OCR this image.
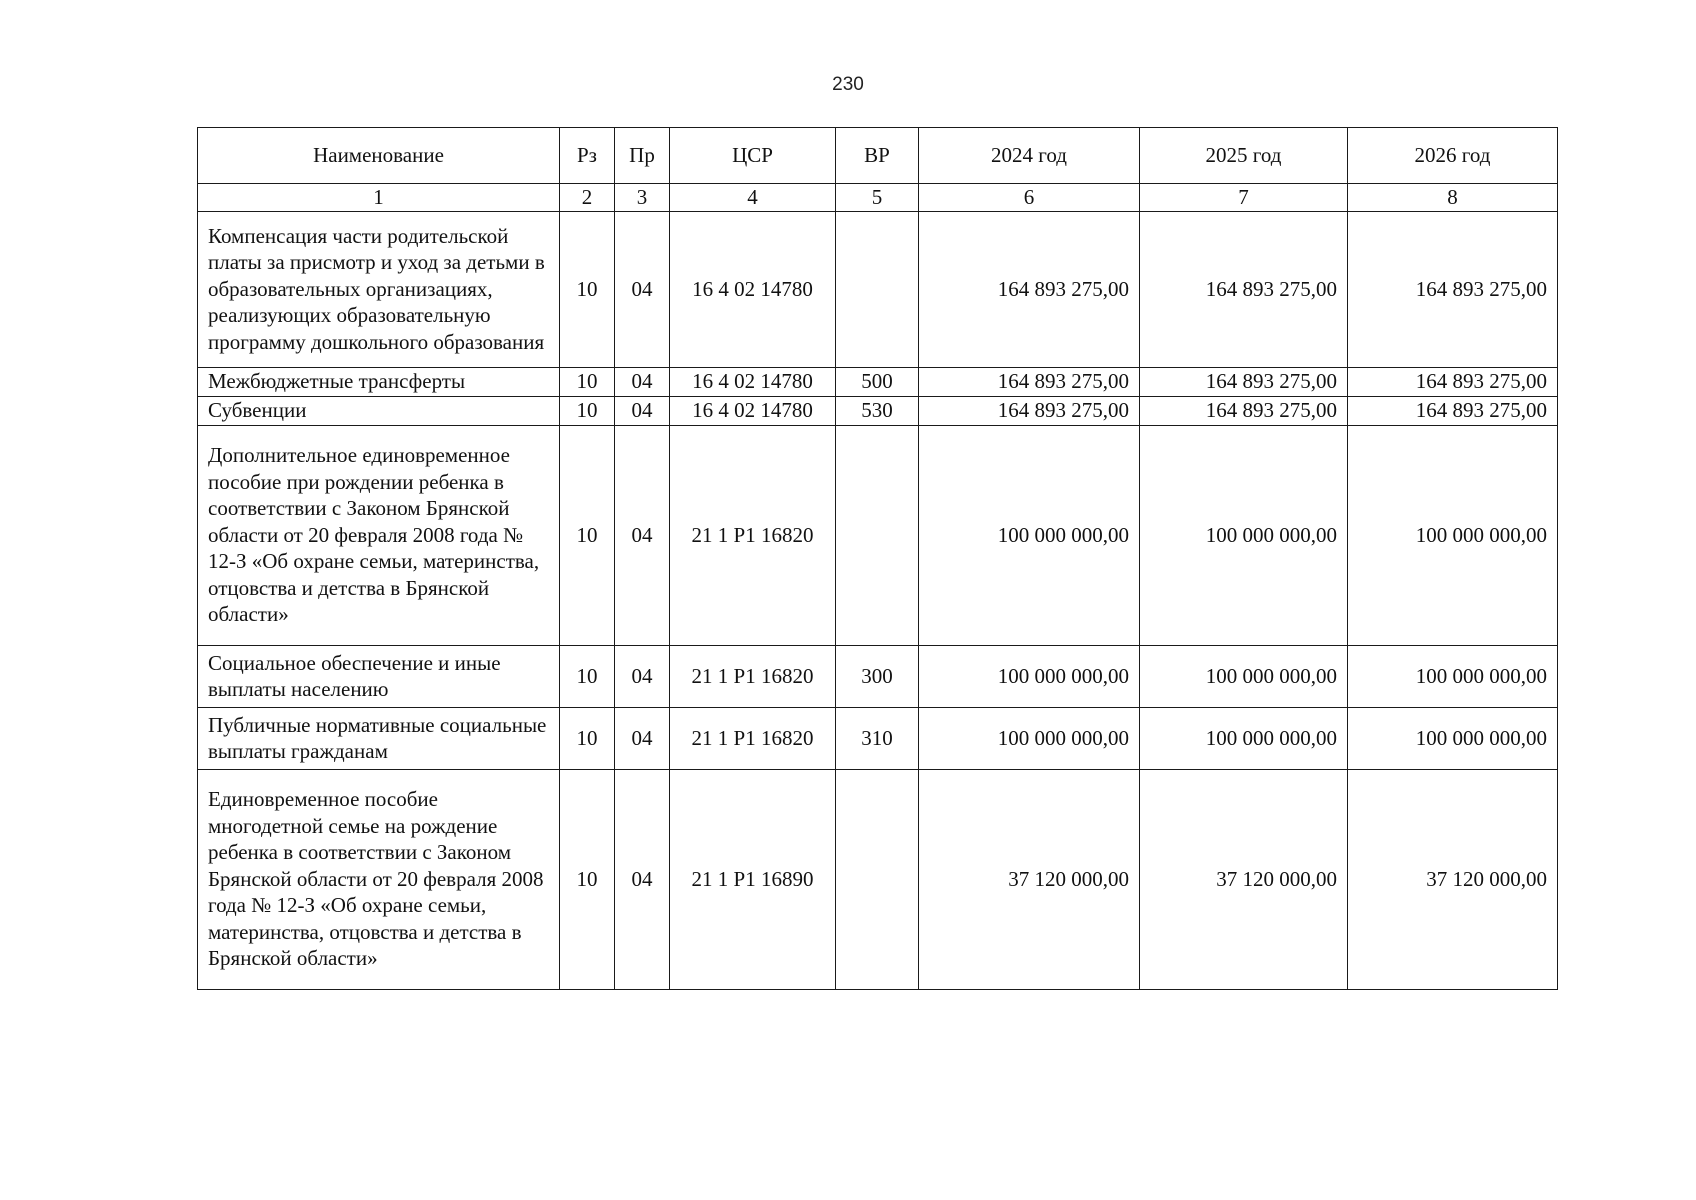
230
Наименование	Рз	Пр	ЦСР	ВР	2024 год	2025 год	2026 год
1	2	3	4	5	6	7	8
Компенсация части родительской платы за присмотр и уход за детьми в образовательных организациях, реализующих образовательную программу дошкольного образования	10	04	16 4 02 14780		164 893 275,00	164 893 275,00	164 893 275,00
Межбюджетные трансферты	10	04	16 4 02 14780	500	164 893 275,00	164 893 275,00	164 893 275,00
Субвенции	10	04	16 4 02 14780	530	164 893 275,00	164 893 275,00	164 893 275,00
Дополнительное единовременное пособие при рождении ребенка в соответствии с Законом Брянской области от 20 февраля 2008 года № 12-З «Об охране семьи, материнства, отцовства и детства в Брянской области»	10	04	21 1 Р1 16820		100 000 000,00	100 000 000,00	100 000 000,00
Социальное обеспечение и иные выплаты населению	10	04	21 1 Р1 16820	300	100 000 000,00	100 000 000,00	100 000 000,00
Публичные нормативные социальные выплаты гражданам	10	04	21 1 Р1 16820	310	100 000 000,00	100 000 000,00	100 000 000,00
Единовременное пособие многодетной семье на рождение ребенка в соответствии с Законом Брянской области от 20 февраля 2008 года № 12-З «Об охране семьи, материнства, отцовства и детства в Брянской области»	10	04	21 1 Р1 16890		37 120 000,00	37 120 000,00	37 120 000,00
